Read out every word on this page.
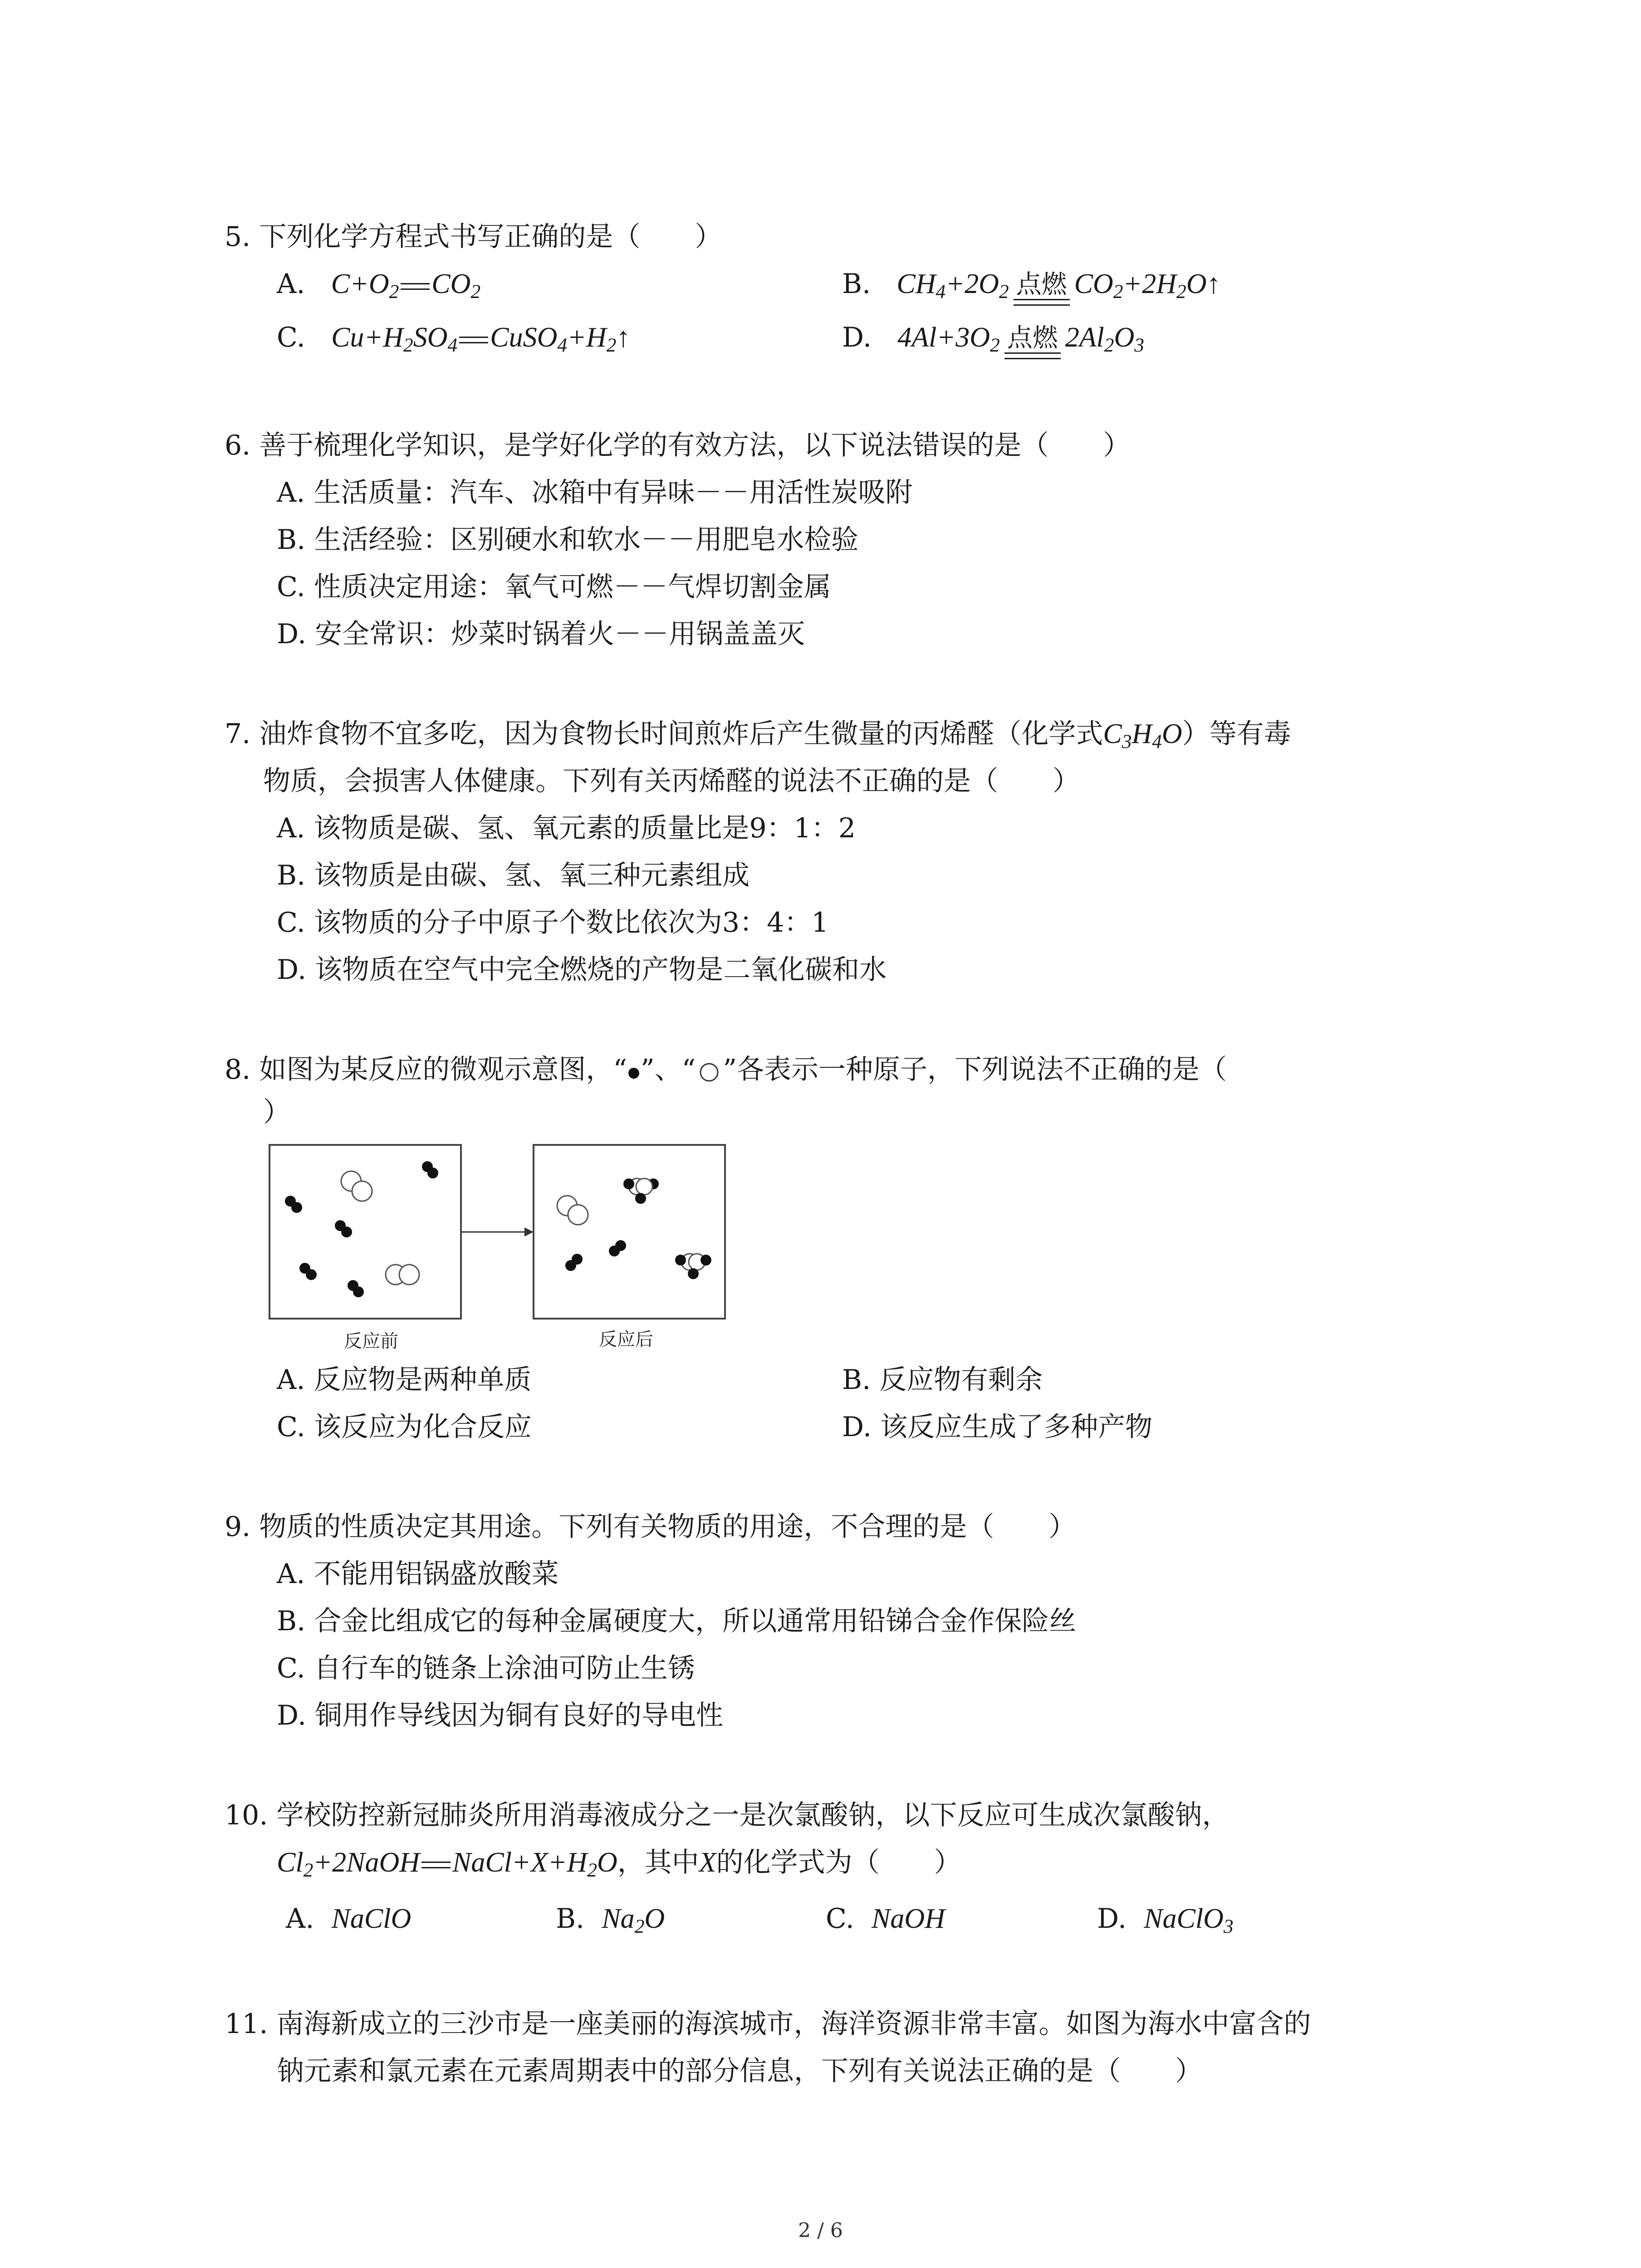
5. 下列化学方程式书写正确的是（　　）
A. $C+O_2$ $CO_2$	B. $CH_4+2O_2$ 点燃 $CO_2+2H_2O↑$
C. $Cu+H_2SO_4$ $CuSO_4+H_2↑$	D. $4Al+3O_2$ 点燃 $2Al_2O_3$
6. 善于梳理化学知识，是学好化学的有效方法，以下说法错误的是（　　）
A. 生活质量：汽车、冰箱中有异味－－用活性炭吸附
B. 生活经验：区别硬水和软水－－用肥皂水检验
C. 性质决定用途：氧气可燃－－气焊切割金属
D. 安全常识：炒菜时锅着火－－用锅盖盖灭
7. 油炸食物不宜多吃，因为食物长时间煎炸后产生微量的丙烯醛（化学式$C_3H_4O$）等有毒
物质，会损害人体健康。下列有关丙烯醛的说法不正确的是（　　）
A. 该物质是碳、氢、氧元素的质量比是9：1：2
B. 该物质是由碳、氢、氧三种元素组成
C. 该物质的分子中原子个数比依次为3：4：1
D. 该物质在空气中完全燃烧的产物是二氧化碳和水
8. 如图为某反应的微观示意图，“ ”、“ ”各表示一种原子，下列说法不正确的是（
）
反应前	反应后
A. 反应物是两种单质	B. 反应物有剩余
C. 该反应为化合反应	D. 该反应生成了多种产物
9. 物质的性质决定其用途。下列有关物质的用途，不合理的是（　　）
A. 不能用铝锅盛放酸菜
B. 合金比组成它的每种金属硬度大，所以通常用铅锑合金作保险丝
C. 自行车的链条上涂油可防止生锈
D. 铜用作导线因为铜有良好的导电性
10. 学校防控新冠肺炎所用消毒液成分之一是次氯酸钠，以下反应可生成次氯酸钠，
$Cl_2+2NaOH$ $NaCl+X+H_2O$，其中X的化学式为（　　）
A. NaClO	B. $Na_2O$	C. NaOH	D. NaClO$_3$
11. 南海新成立的三沙市是一座美丽的海滨城市，海洋资源非常丰富。如图为海水中富含的
钠元素和氯元素在元素周期表中的部分信息，下列有关说法正确的是（　　）
2 / 6
